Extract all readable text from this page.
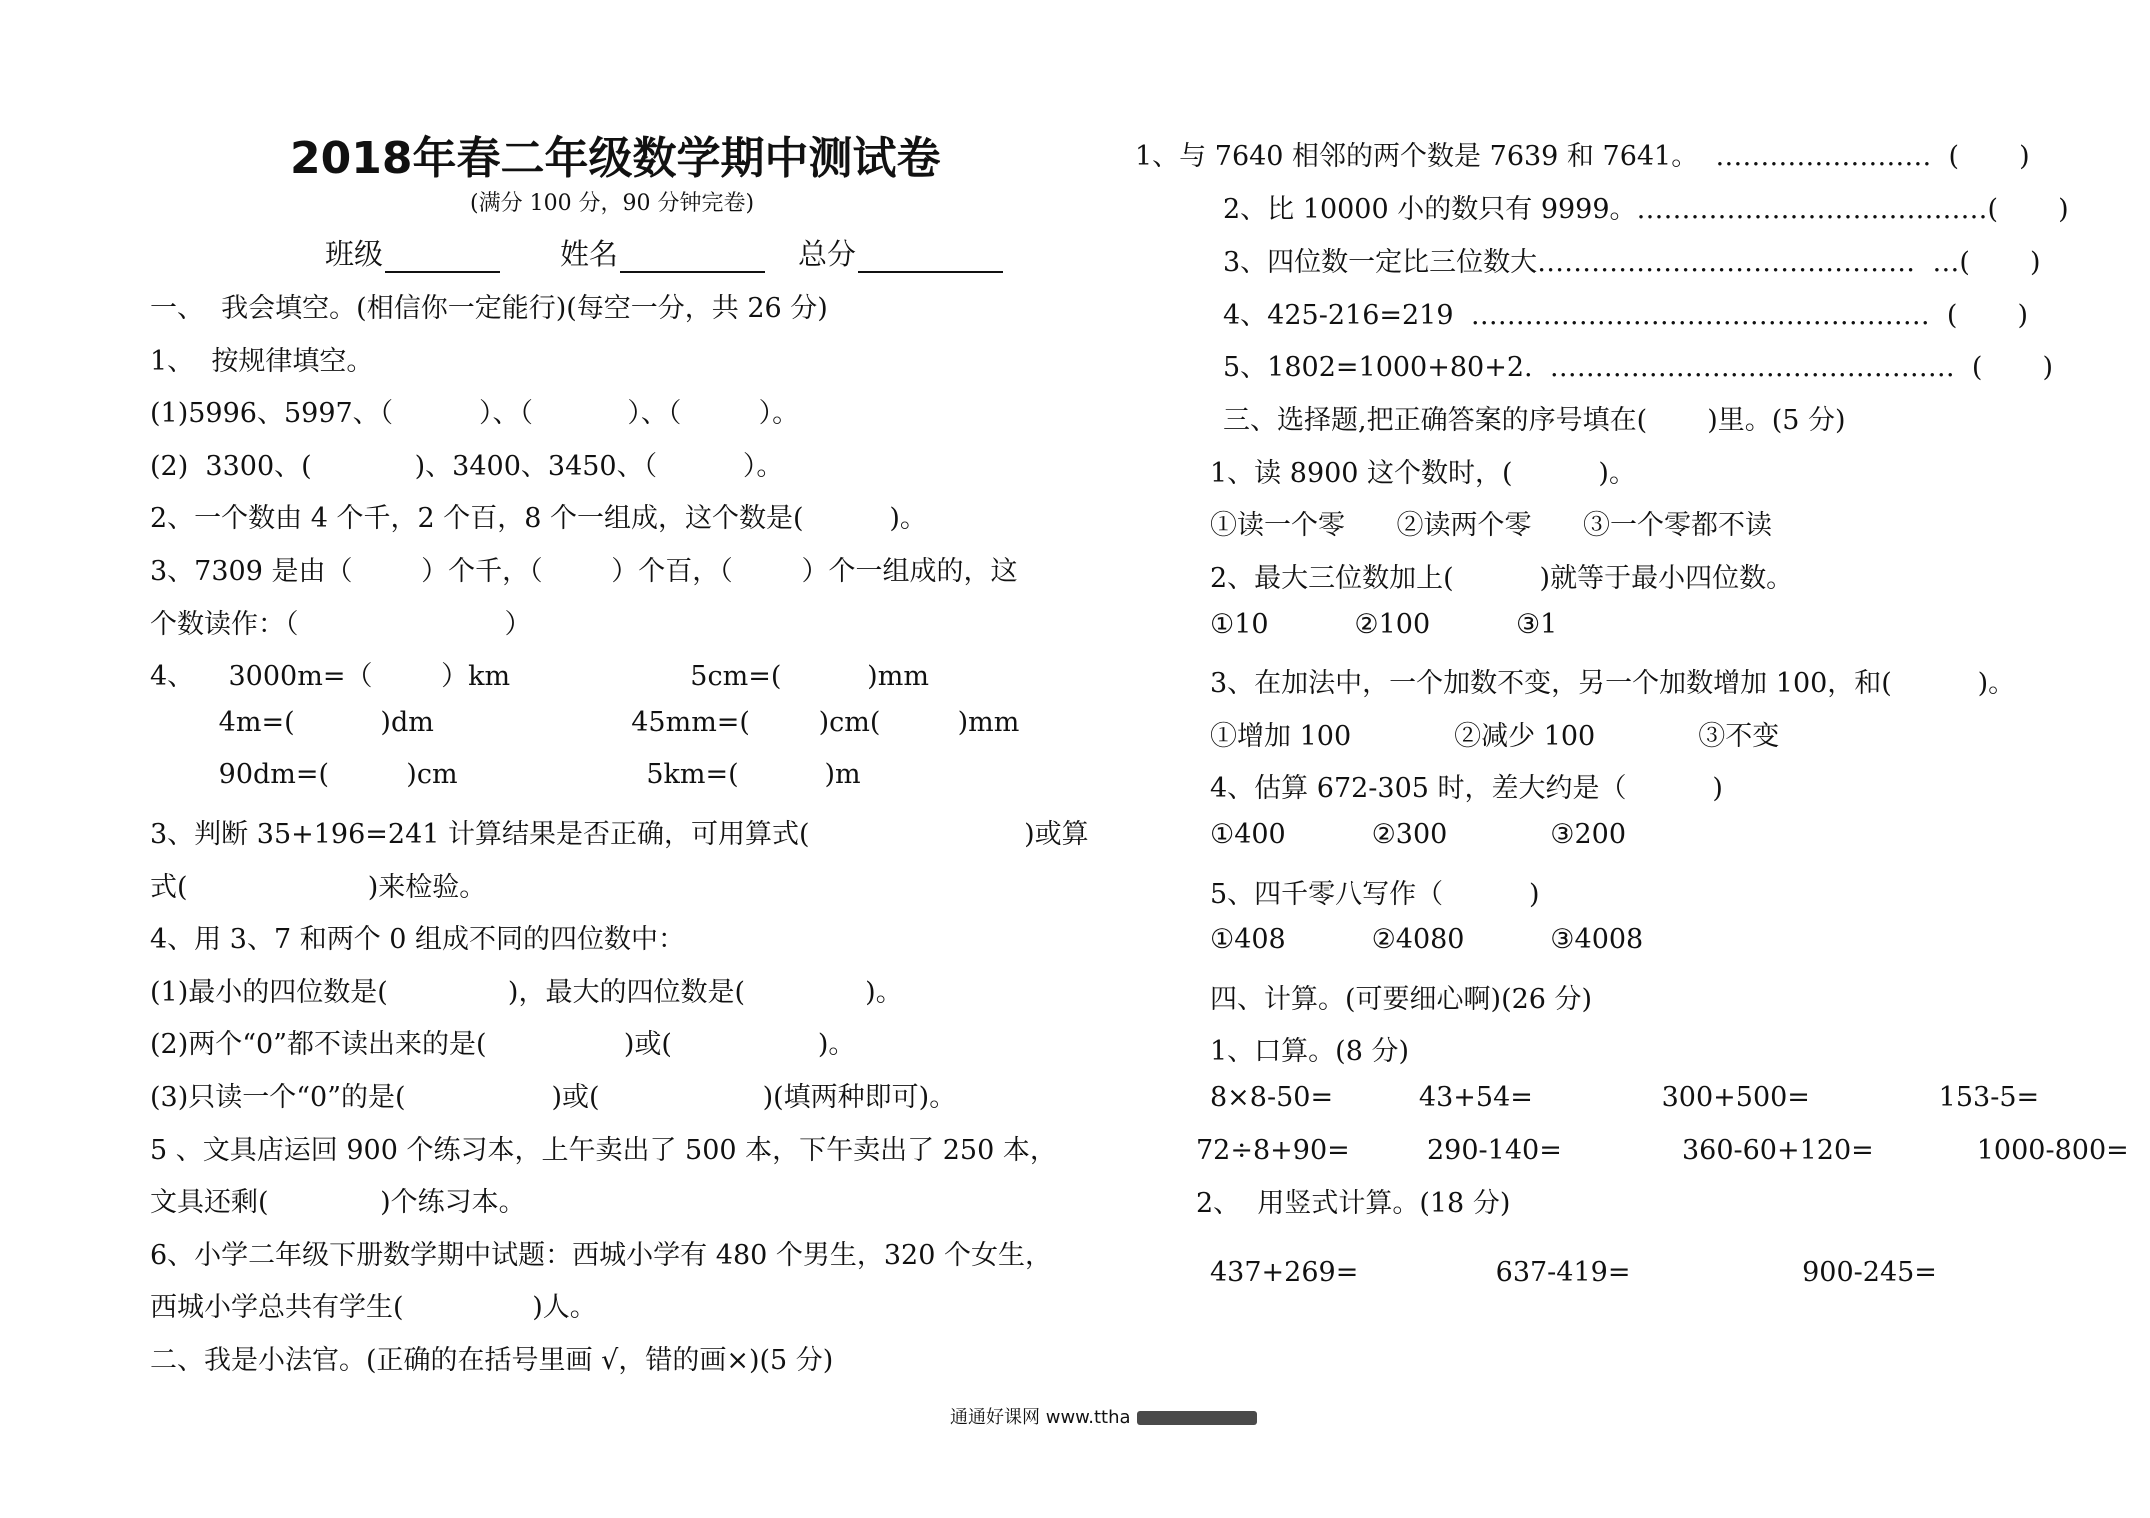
2018年春二年级数学期中测试卷
(满分 100 分，90 分钟完卷)
班级	姓名	总分
一、  我会填空。(相信你一定能行)(每空一分，共 26 分)
1、  按规律填空。
(1)5996、5997、（          ）、（           ）、（         ）。
(2)  3300、(            )、3400、3450、（          ）。
2、一个数由 4 个千，2 个百，8 个一组成，这个数是(          )。
3、7309 是由（        ）个千，（        ）个百，（        ）个一组成的，这
个数读作：（                        ）
4、    3000m=（        ）km                     5cm=(          )mm
4m=(          )dm                       45mm=(        )cm(         )mm
90dm=(         )cm                      5km=(          )m
3、判断 35+196=241 计算结果是否正确，可用算式(                         )或算
式(                     )来检验。
4、用 3、7 和两个 0 组成不同的四位数中：
(1)最小的四位数是(              )，最大的四位数是(              )。
(2)两个“0”都不读出来的是(                )或(                 )。
(3)只读一个“0”的是(                 )或(                   )(填两种即可)。
5 、文具店运回 900 个练习本，上午卖出了 500 本，下午卖出了 250 本，
文具还剩(             )个练习本。
6、小学二年级下册数学期中试题：西城小学有 480 个男生，320 个女生，
西城小学总共有学生(               )人。
二、我是小法官。(正确的在括号里画 √，错的画×)(5 分)
1、与 7640 相邻的两个数是 7639 和 7641。  ……………………  (       )
2、比 10000 小的数只有 9999。…………………………………(       )
3、四位数一定比三位数大……………………………………  …(       )
4、425-216=219  ……………………………………………  (       )
5、1802=1000+80+2.  ………………………………………  (       )
三、选择题,把正确答案的序号填在(       )里。(5 分)
1、读 8900 这个数时，(          )。
①读一个零      ②读两个零      ③一个零都不读
2、最大三位数加上(          )就等于最小四位数。
①10          ②100          ③1
3、在加法中，一个加数不变，另一个加数增加 100，和(          )。
①增加 100            ②减少 100            ③不变
4、估算 672-305 时，差大约是（          )
①400          ②300            ③200
5、四千零八写作（          )
①408          ②4080          ③4008
四、计算。(可要细心啊)(26 分)
1、口算。(8 分)
8×8-50=          43+54=               300+500=               153-5=
72÷8+90=         290-140=              360-60+120=            1000-800=
2、  用竖式计算。(18 分)
437+269=                637-419=                    900-245=
通通好课网 www.ttha
